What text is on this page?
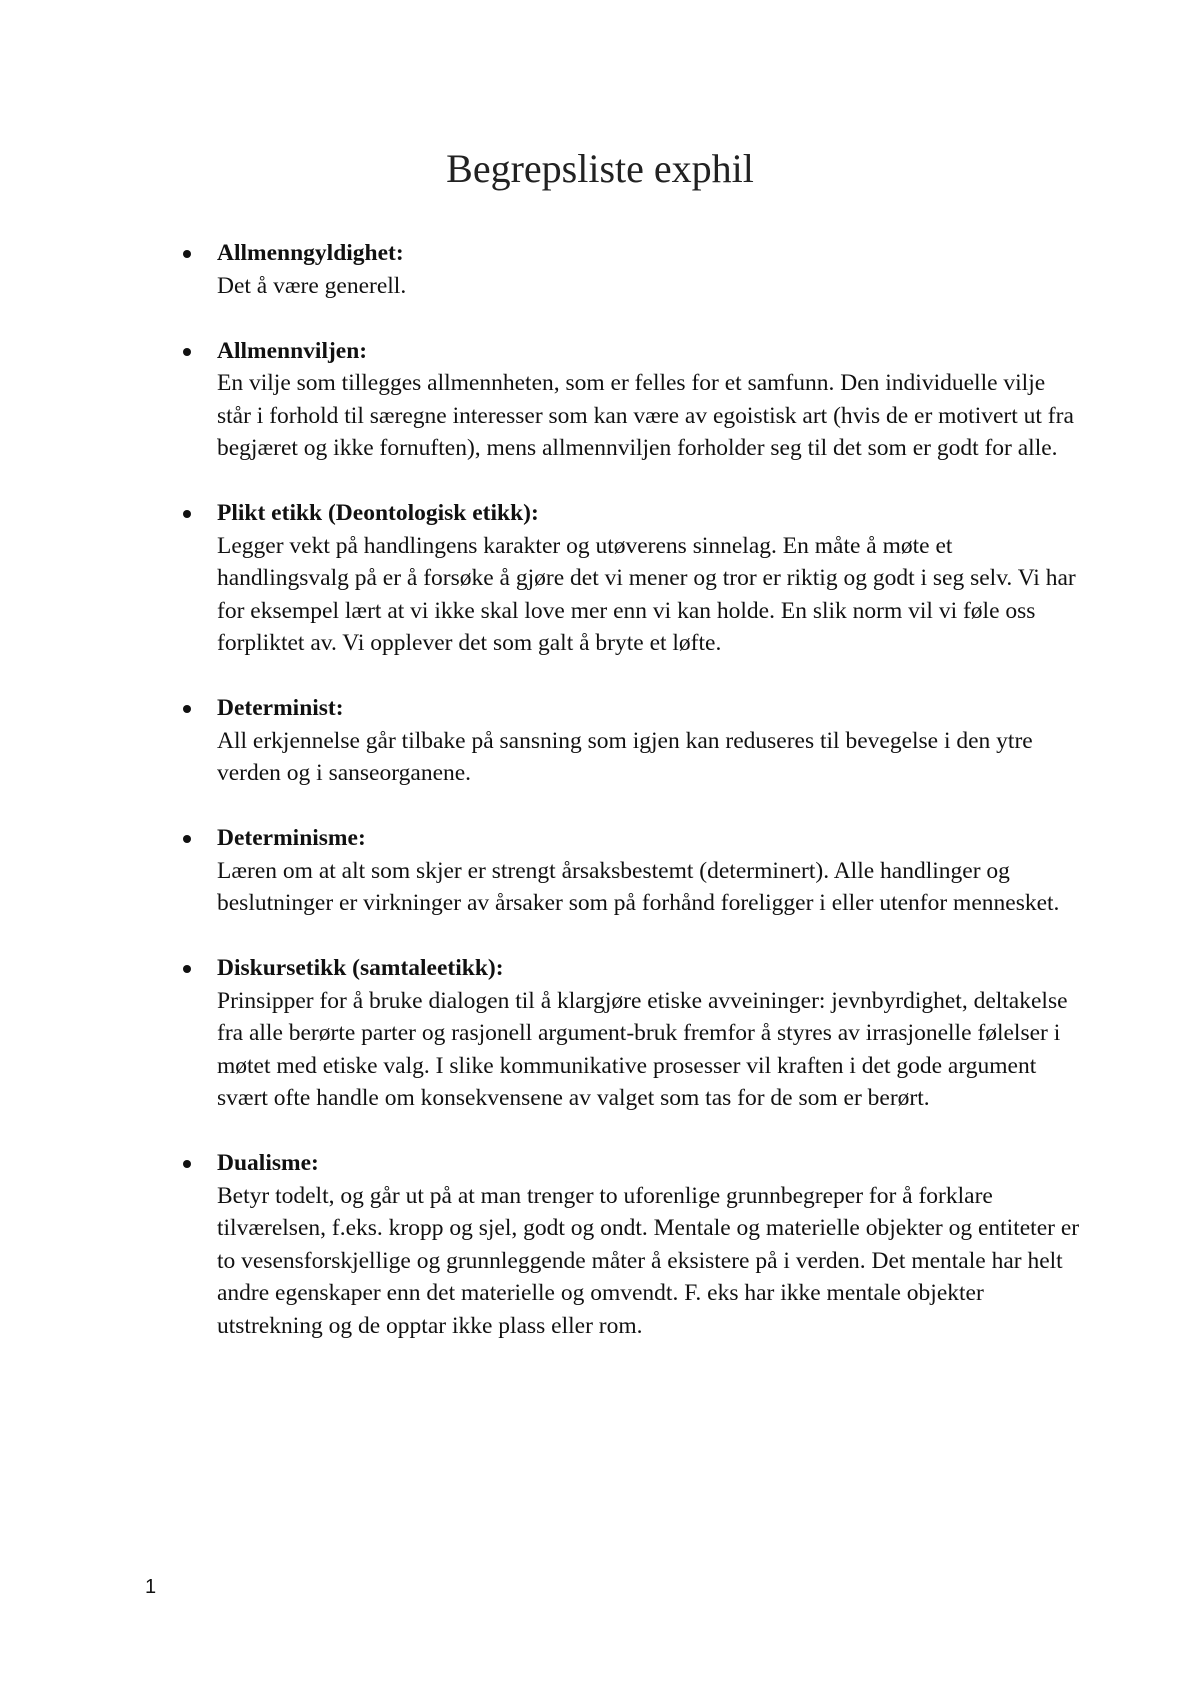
Begrepsliste exphil
Allmenngyldighet:
Det å være generell.
Allmennviljen:
En vilje som tillegges allmennheten, som er felles for et samfunn. Den individuelle vilje står i forhold til særegne interesser som kan være av egoistisk art (hvis de er motivert ut fra begjæret og ikke fornuften), mens allmennviljen forholder seg til det som er godt for alle.
Plikt etikk (Deontologisk etikk):
Legger vekt på handlingens karakter og utøverens sinnelag. En måte å møte et handlingsvalg på er å forsøke å gjøre det vi mener og tror er riktig og godt i seg selv. Vi har for eksempel lært at vi ikke skal love mer enn vi kan holde. En slik norm vil vi føle oss forpliktet av. Vi opplever det som galt å bryte et løfte.
Determinist:
All erkjennelse går tilbake på sansning som igjen kan reduseres til bevegelse i den ytre verden og i sanseorganene.
Determinisme:
Læren om at alt som skjer er strengt årsaksbestemt (determinert). Alle handlinger og beslutninger er virkninger av årsaker som på forhånd foreligger i eller utenfor mennesket.
Diskursetikk (samtaleetikk):
Prinsipper for å bruke dialogen til å klargjøre etiske avveininger: jevnbyrdighet, deltakelse fra alle berørte parter og rasjonell argument-bruk fremfor å styres av irrasjonelle følelser i møtet med etiske valg. I slike kommunikative prosesser vil kraften i det gode argument svært ofte handle om konsekvensene av valget som tas for de som er berørt.
Dualisme:
Betyr todelt, og går ut på at man trenger to uforenlige grunnbegreper for å forklare tilværelsen, f.eks. kropp og sjel, godt og ondt. Mentale og materielle objekter og entiteter er to vesensforskjellige og grunnleggende måter å eksistere på i verden. Det mentale har helt andre egenskaper enn det materielle og omvendt. F. eks har ikke mentale objekter utstrekning og de opptar ikke plass eller rom.
1
